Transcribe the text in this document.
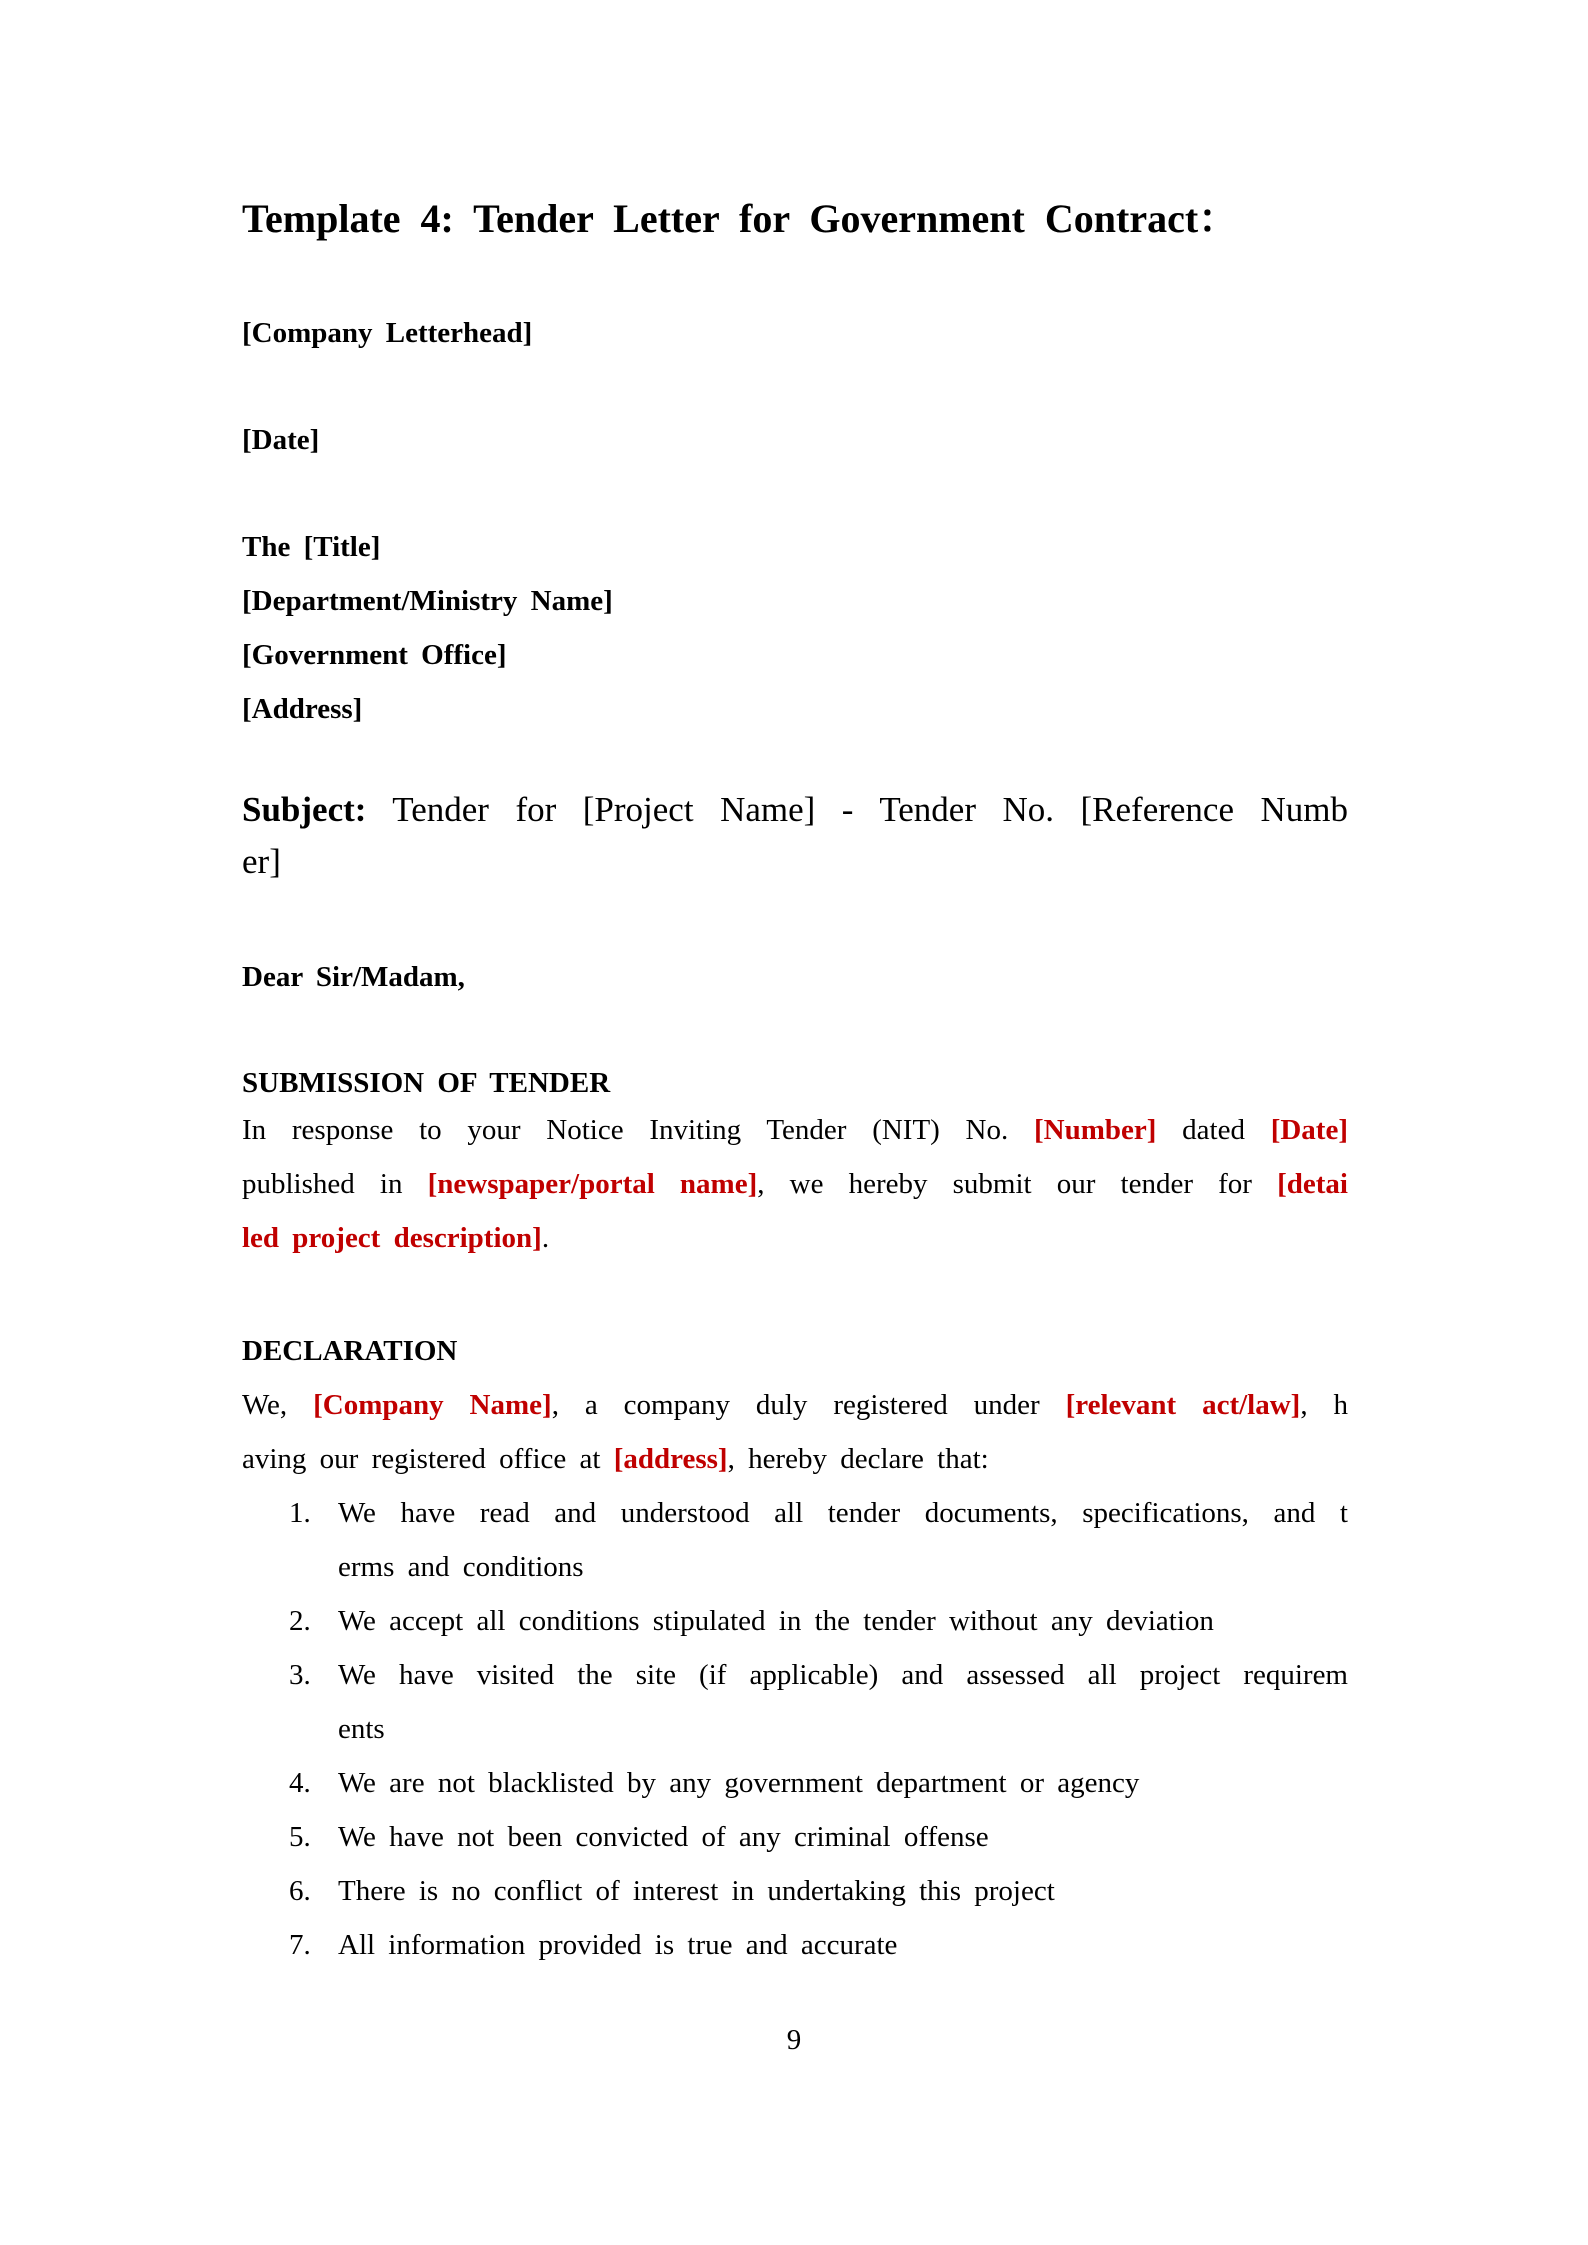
Template 4: Tender Letter for Government Contract：
[Company Letterhead]
[Date]
The [Title]
[Department/Ministry Name]
[Government Office]
[Address]
Subject: Tender for [Project Name] - Tender No. [Reference Numb
er]
Dear Sir/Madam,
SUBMISSION OF TENDER
In response to your Notice Inviting Tender (NIT) No. [Number] dated [Date]
published in [newspaper/portal name], we hereby submit our tender for [detai
led project description].
DECLARATION
We, [Company Name], a company duly registered under [relevant act/law], h
aving our registered office at [address], hereby declare that:
1. We have read and understood all tender documents, specifications, and t
erms and conditions
2. We accept all conditions stipulated in the tender without any deviation
3. We have visited the site (if applicable) and assessed all project requirem
ents
4. We are not blacklisted by any government department or agency
5. We have not been convicted of any criminal offense
6. There is no conflict of interest in undertaking this project
7. All information provided is true and accurate
9
